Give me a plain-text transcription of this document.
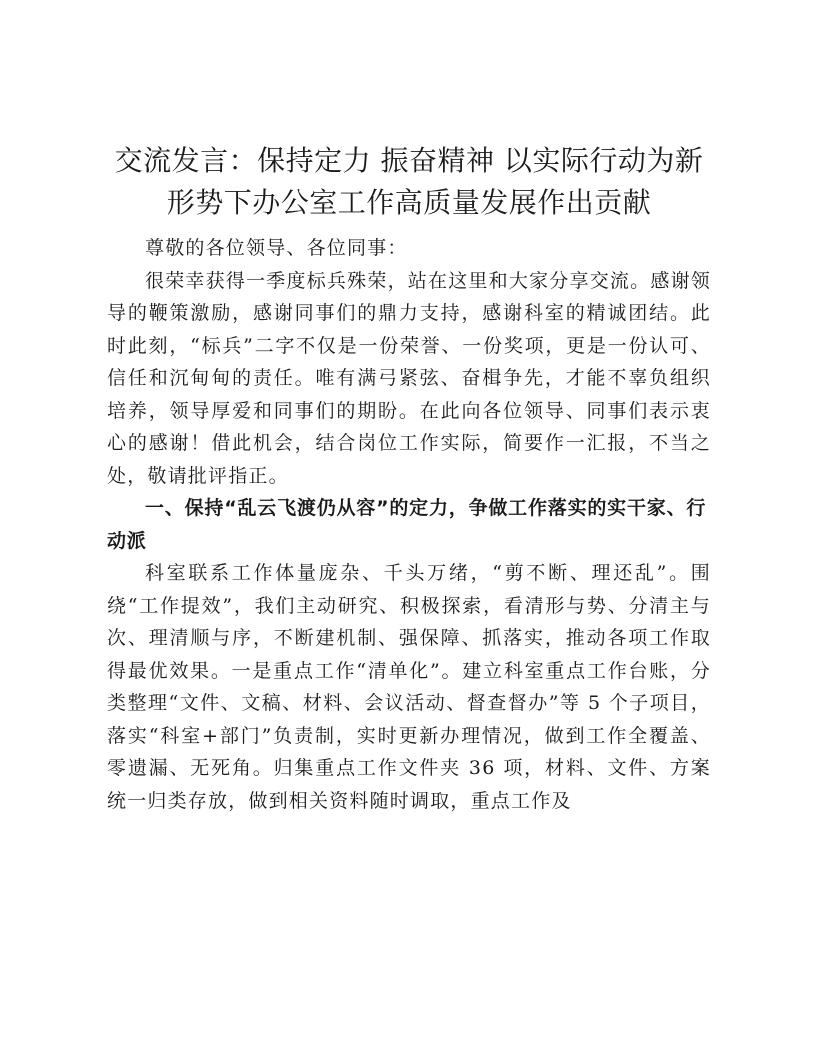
交流发言：保持定力 振奋精神 以实际行动为新
形势下办公室工作高质量发展作出贡献

尊敬的各位领导、各位同事：

很荣幸获得一季度标兵殊荣，站在这里和大家分享交流。感谢领导的鞭策激励，感谢同事们的鼎力支持，感谢科室的精诚团结。此时此刻，“标兵”二字不仅是一份荣誉、一份奖项，更是一份认可、信任和沉甸甸的责任。唯有满弓紧弦、奋楫争先，才能不辜负组织培养，领导厚爱和同事们的期盼。在此向各位领导、同事们表示衷心的感谢！借此机会，结合岗位工作实际，简要作一汇报，不当之处，敬请批评指正。

一、保持“乱云飞渡仍从容”的定力，争做工作落实的实干家、行动派

科室联系工作体量庞杂、千头万绪，“剪不断、理还乱”。围绕“工作提效”，我们主动研究、积极探索，看清形与势、分清主与次、理清顺与序，不断建机制、强保障、抓落实，推动各项工作取得最优效果。一是重点工作“清单化”。建立科室重点工作台账，分类整理“文件、文稿、材料、会议活动、督查督办”等 5 个子项目，落实“科室+部门”负责制，实时更新办理情况，做到工作全覆盖、零遗漏、无死角。归集重点工作文件夹 36 项，材料、文件、方案统一归类存放，做到相关资料随时调取，重点工作及
